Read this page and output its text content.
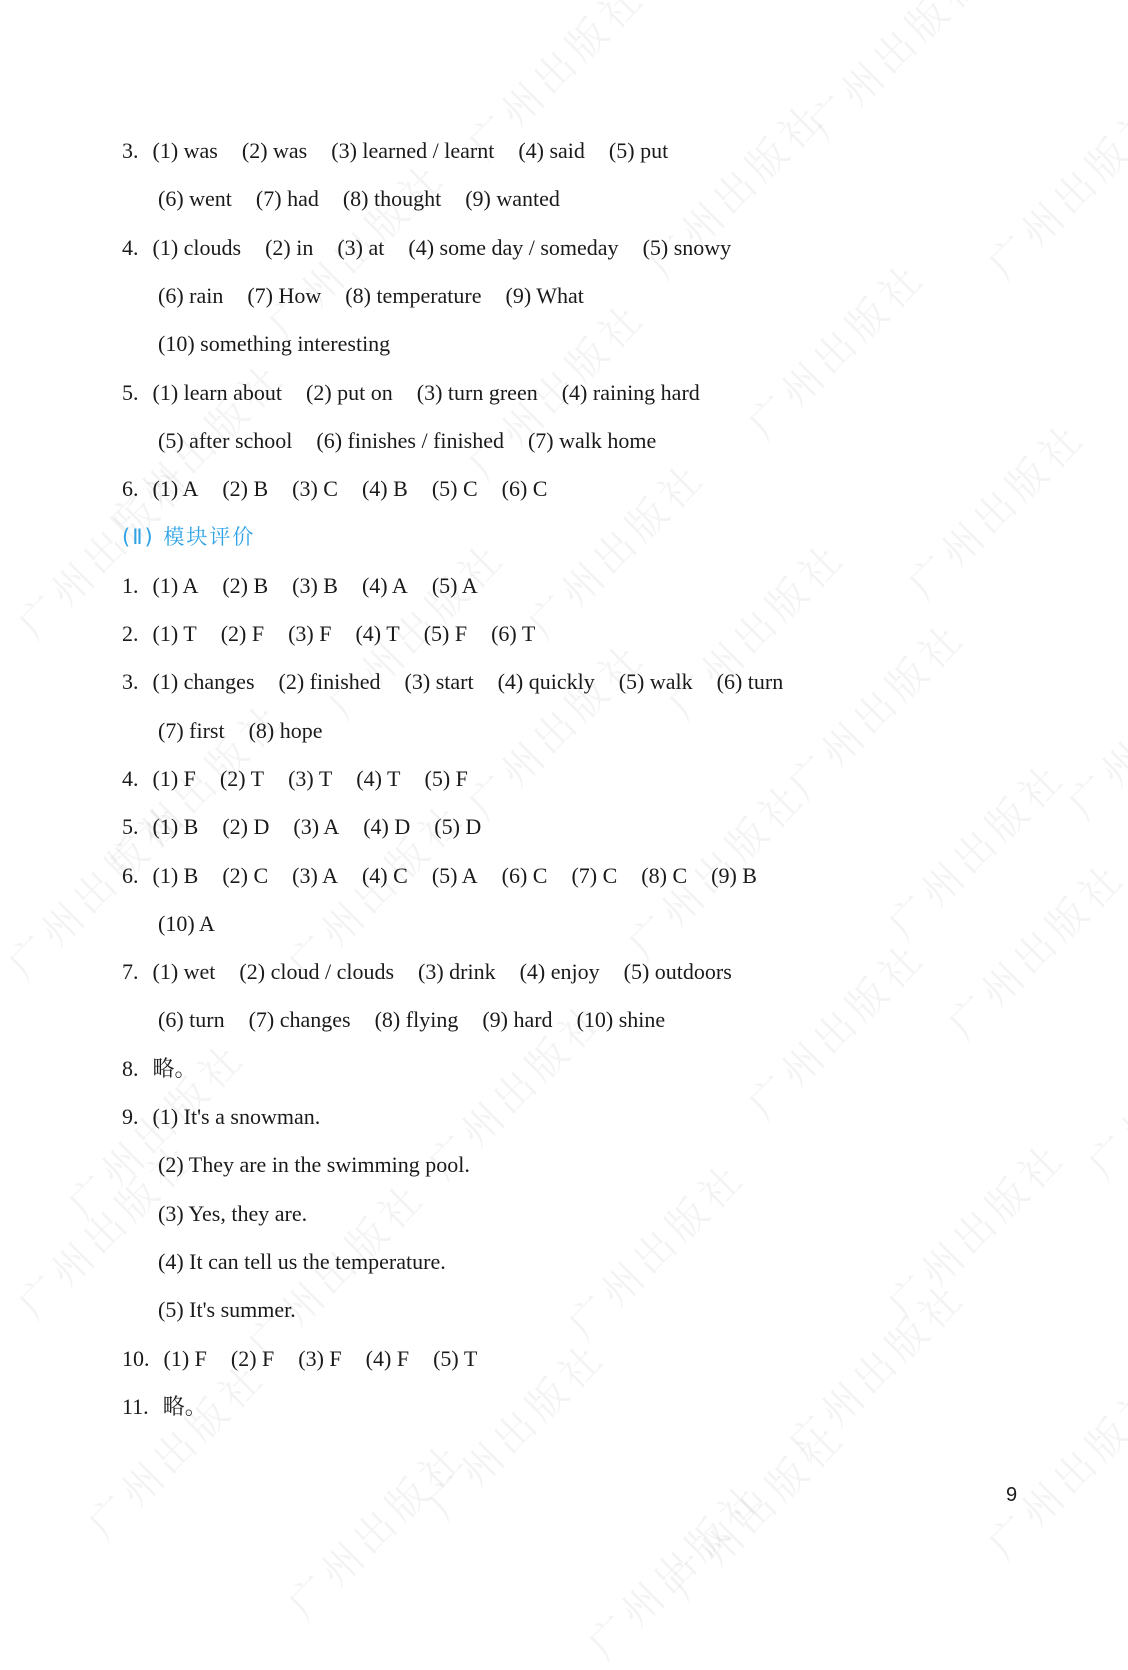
3. (1) was (2) was (3) learned / learnt (4) said (5) put
(6) went (7) had (8) thought (9) wanted
4. (1) clouds (2) in (3) at (4) some day / someday (5) snowy
(6) rain (7) How (8) temperature (9) What
(10) something interesting
5. (1) learn about (2) put on (3) turn green (4) raining hard
(5) after school (6) finishes / finished (7) walk home
6. (1) A (2) B (3) C (4) B (5) C (6) C
(Ⅱ) 模块评价
1. (1) A (2) B (3) B (4) A (5) A
2. (1) T (2) F (3) F (4) T (5) F (6) T
3. (1) changes (2) finished (3) start (4) quickly (5) walk (6) turn
(7) first (8) hope
4. (1) F (2) T (3) T (4) T (5) F
5. (1) B (2) D (3) A (4) D (5) D
6. (1) B (2) C (3) A (4) C (5) A (6) C (7) C (8) C (9) B
(10) A
7. (1) wet (2) cloud / clouds (3) drink (4) enjoy (5) outdoors
(6) turn (7) changes (8) flying (9) hard (10) shine
8. 略。
9. (1) It's a snowman.
(2) They are in the swimming pool.
(3) Yes, they are.
(4) It can tell us the temperature.
(5) It's summer.
10. (1) F (2) F (3) F (4) F (5) T
11. 略。
9
